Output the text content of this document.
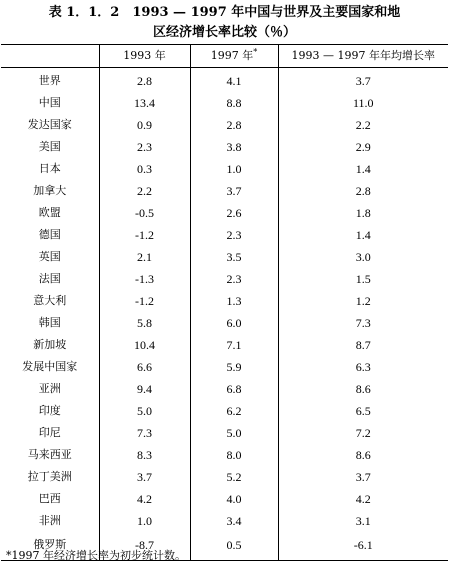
表 1．1．2　1993 — 1997 年中国与世界及主要国家和地
区经济增长率比较（％）
	1993 年	1997 年*	1993 — 1997 年年均增长率
世界	2.8	4.1	3.7
中国	13.4	8.8	11.0
发达国家	0.9	2.8	2.2
美国	2.3	3.8	2.9
日本	0.3	1.0	1.4
加拿大	2.2	3.7	2.8
欧盟	-0.5	2.6	1.8
德国	-1.2	2.3	1.4
英国	2.1	3.5	3.0
法国	-1.3	2.3	1.5
意大利	-1.2	1.3	1.2
韩国	5.8	6.0	7.3
新加坡	10.4	7.1	8.7
发展中国家	6.6	5.9	6.3
亚洲	9.4	6.8	8.6
印度	5.0	6.2	6.5
印尼	7.3	5.0	7.2
马来西亚	8.3	8.0	8.6
拉丁美洲	3.7	5.2	3.7
巴西	4.2	4.0	4.2
非洲	1.0	3.4	3.1
俄罗斯	-8.7	0.5	-6.1
*1997 年经济增长率为初步统计数。
